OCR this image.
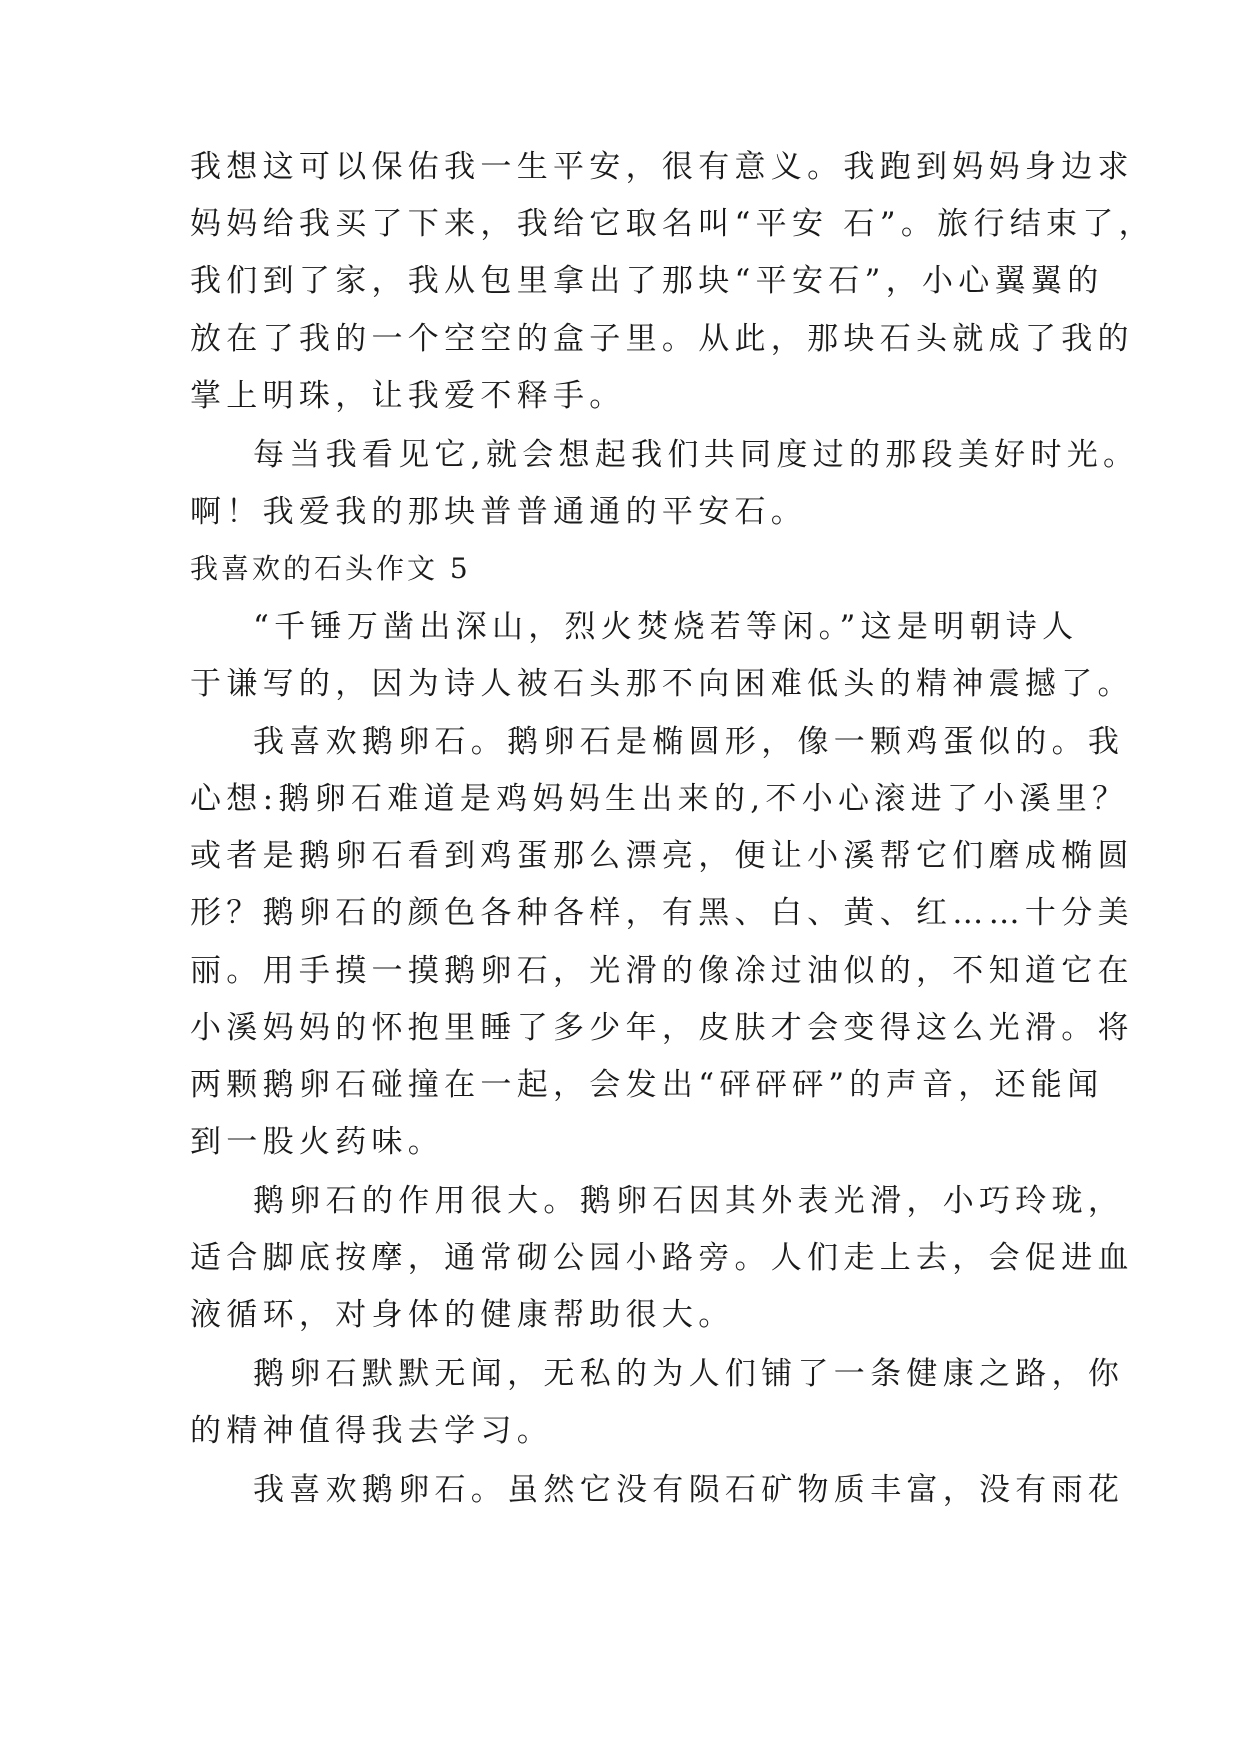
我想这可以保佑我一生平安，很有意义。我跑到妈妈身边求
妈妈给我买了下来，我给它取名叫“平安 石”。旅行结束了，
我们到了家，我从包里拿出了那块“平安石”，小心翼翼的
放在了我的一个空空的盒子里。从此，那块石头就成了我的
掌上明珠，让我爱不释手。
每当我看见它,就会想起我们共同度过的那段美好时光。
啊！我爱我的那块普普通通的平安石。
我喜欢的石头作文 5
“千锤万凿出深山，烈火焚烧若等闲。”这是明朝诗人
于谦写的，因为诗人被石头那不向困难低头的精神震撼了。
我喜欢鹅卵石。鹅卵石是椭圆形，像一颗鸡蛋似的。我
心想:鹅卵石难道是鸡妈妈生出来的,不小心滚进了小溪里？
或者是鹅卵石看到鸡蛋那么漂亮，便让小溪帮它们磨成椭圆
形？鹅卵石的颜色各种各样，有黑、白、黄、红……十分美
丽。用手摸一摸鹅卵石，光滑的像凃过油似的，不知道它在
小溪妈妈的怀抱里睡了多少年，皮肤才会变得这么光滑。将
两颗鹅卵石碰撞在一起，会发出“砰砰砰”的声音，还能闻
到一股火药味。
鹅卵石的作用很大。鹅卵石因其外表光滑，小巧玲珑，
适合脚底按摩，通常砌公园小路旁。人们走上去，会促进血
液循环，对身体的健康帮助很大。
鹅卵石默默无闻，无私的为人们铺了一条健康之路，你
的精神值得我去学习。
我喜欢鹅卵石。虽然它没有陨石矿物质丰富，没有雨花
